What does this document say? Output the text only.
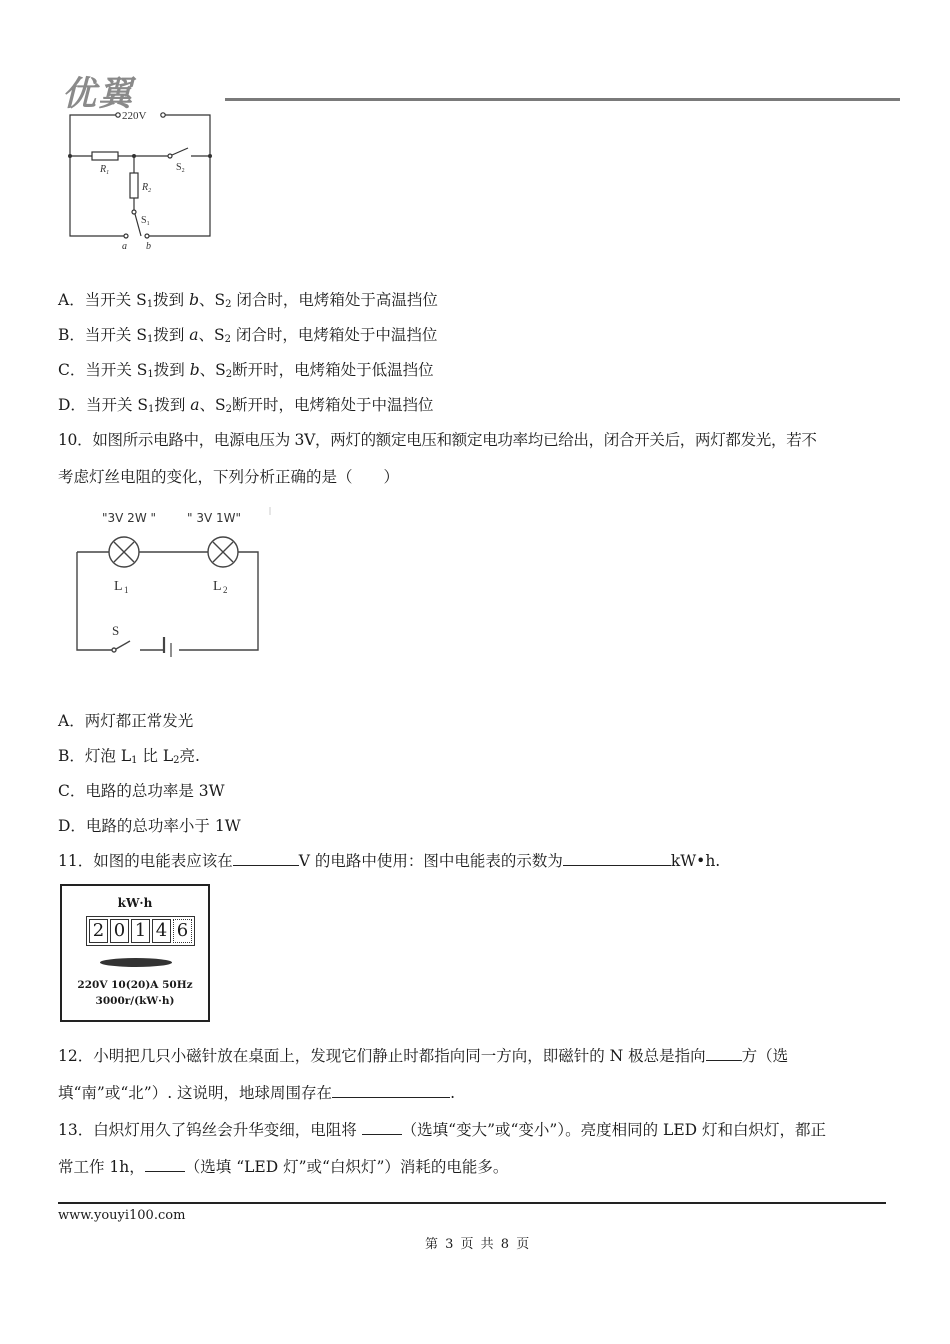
优翼
220V
$R_1$
$R_2$
$S_2$
$S_1$
a b
A．当开关 $S_1$拨到 b、$S_2$ 闭合时，电烤箱处于高温挡位
B．当开关 $S_1$拨到 a、$S_2$ 闭合时，电烤箱处于中温挡位
C．当开关 $S_1$拨到 b、$S_2$断开时，电烤箱处于低温挡位
D．当开关 $S_1$拨到 a、$S_2$断开时，电烤箱处于中温挡位
10．如图所示电路中，电源电压为 3V，两灯的额定电压和额定电功率均已给出，闭合开关后，两灯都发光，若不
考虑灯丝电阻的变化，下列分析正确的是（　　）
"3V 2W "	" 3V 1W"
L 1	L 2
S
A．两灯都正常发光
B．灯泡 $L_1$ 比 $L_2$亮.
C．电路的总功率是 3W
D．电路的总功率小于 1W
11．如图的电能表应该在	V 的电路中使用：图中电能表的示数为	kW•h.
kW·h
2 0 1 4 6
220V 10(20)A 50Hz
3000r/(kW·h)
12．小明把几只小磁针放在桌面上，发现它们静止时都指向同一方向，即磁针的 N 极总是指向 方（选
填“南”或“北”）. 这说明，地球周围存在	.
13．白炽灯用久了钨丝会升华变细，电阻将	（选填“变大”或“变小”）。亮度相同的 LED 灯和白炽灯，都正
常工作 1h，	（选填 “LED 灯”或“白炽灯”）消耗的电能多。
www.youyi100.com
第 3 页 共 8 页
